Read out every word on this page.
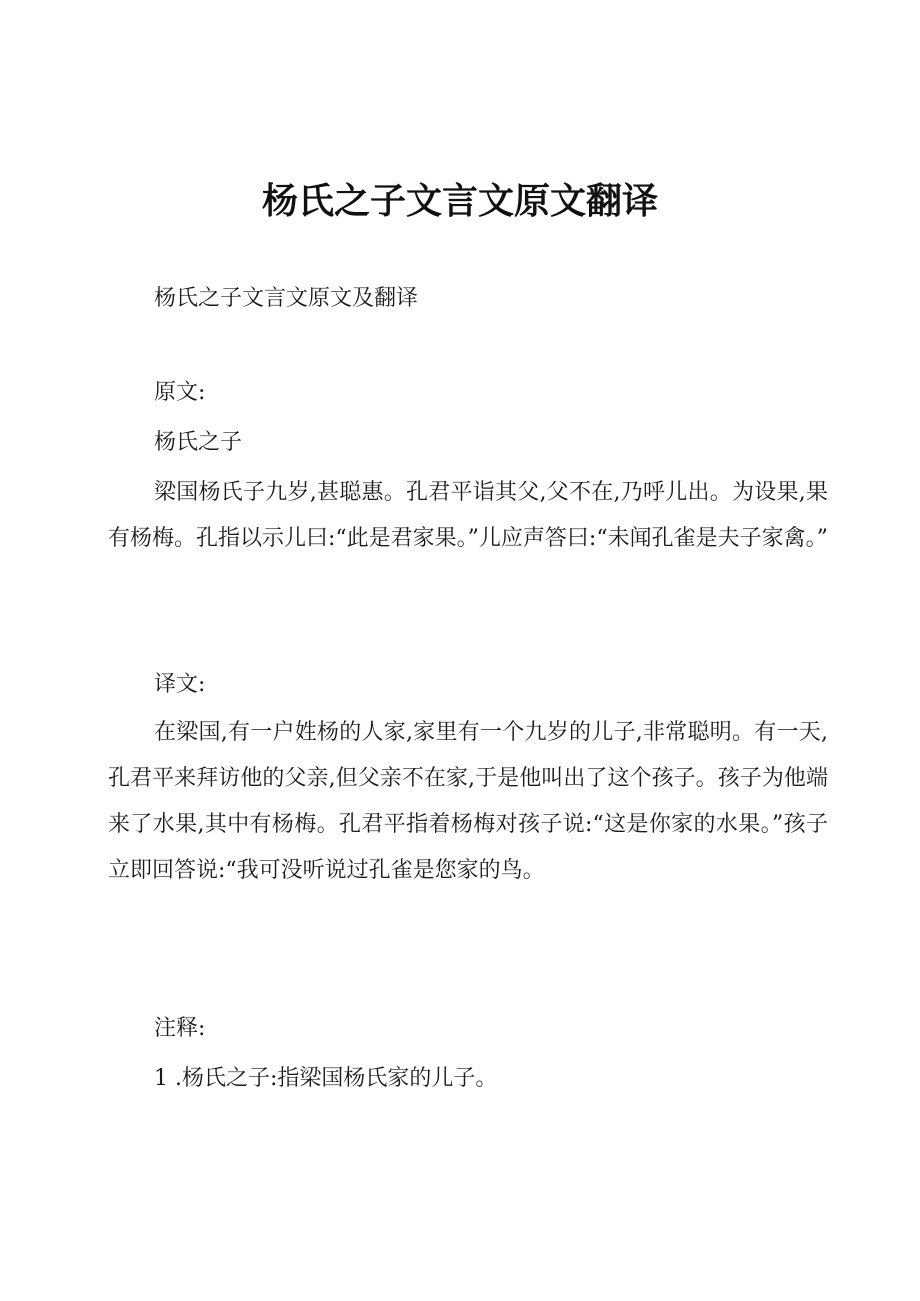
杨氏之子文言文原文翻译
杨氏之子文言文原文及翻译
原文:
杨氏之子
梁国杨氏子九岁,甚聪惠。孔君平诣其父,父不在,乃呼儿出。为设果,果有杨梅。孔指以示儿曰:“此是君家果。”儿应声答曰:“未闻孔雀是夫子家禽。”
译文:
在梁国,有一户姓杨的人家,家里有一个九岁的儿子,非常聪明。有一天,孔君平来拜访他的父亲,但父亲不在家,于是他叫出了这个孩子。孩子为他端来了水果,其中有杨梅。孔君平指着杨梅对孩子说:“这是你家的水果。”孩子立即回答说:“我可没听说过孔雀是您家的鸟。
注释:
1 .杨氏之子:指梁国杨氏家的儿子。
